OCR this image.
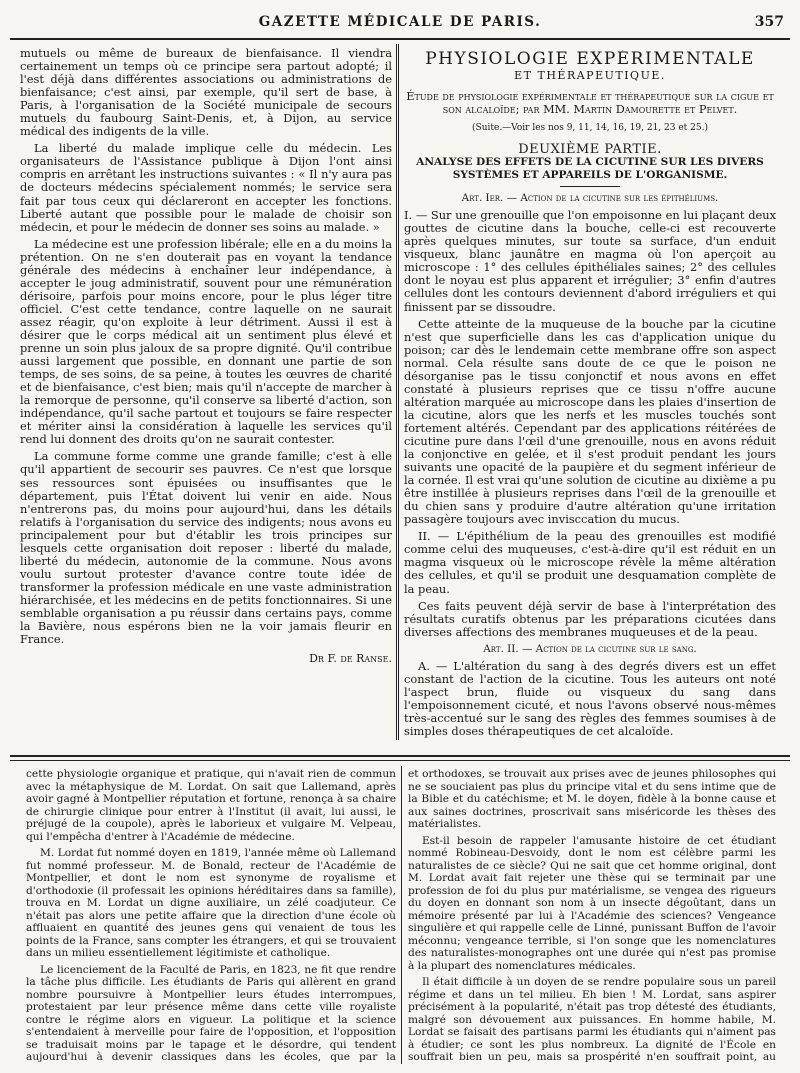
GAZETTE MÉDICALE DE PARIS.	357

mutuels ou même de bureaux de bienfaisance. Il viendra certainement un temps où ce principe sera partout adopté; il l'est déjà dans différentes associations ou administrations de bienfaisance; c'est ainsi, par exemple, qu'il sert de base, à Paris, à l'organisation de la Société municipale de secours mutuels du faubourg Saint-Denis, et, à Dijon, au service médical des indigents de la ville.

La liberté du malade implique celle du médecin. Les organisateurs de l'Assistance publique à Dijon l'ont ainsi compris en arrêtant les instructions suivantes : « Il n'y aura pas de docteurs médecins spécialement nommés; le service sera fait par tous ceux qui déclareront en accepter les fonctions. Liberté autant que possible pour le malade de choisir son médecin, et pour le médecin de donner ses soins au malade. »

La médecine est une profession libérale; elle en a du moins la prétention. On ne s'en douterait pas en voyant la tendance générale des médecins à enchaîner leur indépendance, à accepter le joug administratif, souvent pour une rémunération dérisoire, parfois pour moins encore, pour le plus léger titre officiel. C'est cette tendance, contre laquelle on ne saurait assez réagir, qu'on exploite à leur détriment. Aussi il est à désirer que le corps médical ait un sentiment plus élevé et prenne un soin plus jaloux de sa propre dignité. Qu'il contribue aussi largement que possible, en donnant une partie de son temps, de ses soins, de sa peine, à toutes les œuvres de charité et de bienfaisance, c'est bien; mais qu'il n'accepte de marcher à la remorque de personne, qu'il conserve sa liberté d'action, son indépendance, qu'il sache partout et toujours se faire respecter et mériter ainsi la considération à laquelle les services qu'il rend lui donnent des droits qu'on ne saurait contester.

La commune forme comme une grande famille; c'est à elle qu'il appartient de secourir ses pauvres. Ce n'est que lorsque ses ressources sont épuisées ou insuffisantes que le département, puis l'État doivent lui venir en aide. Nous n'entrerons pas, du moins pour aujourd'hui, dans les détails relatifs à l'organisation du service des indigents; nous avons eu principalement pour but d'établir les trois principes sur lesquels cette organisation doit reposer : liberté du malade, liberté du médecin, autonomie de la commune. Nous avons voulu surtout protester d'avance contre toute idée de transformer la profession médicale en une vaste administration hiérarchisée, et les médecins en de petits fonctionnaires. Si une semblable organisation a pu réussir dans certains pays, comme la Bavière, nous espérons bien ne la voir jamais fleurir en France.

Dr F. de Ranse.
PHYSIOLOGIE EXPÉRIMENTALE
ET THÉRAPEUTIQUE.
Étude de physiologie expérimentale et thérapeutique sur la cigue et son alcaloïde; par MM. Martin Damourette et Pelvet.
(Suite.—Voir les nos 9, 11, 14, 16, 19, 21, 23 et 25.)
DEUXIÈME PARTIE.
ANALYSE DES EFFETS DE LA CICUTINE SUR LES DIVERS SYSTÈMES ET APPAREILS DE L'ORGANISME.
Art. Ier. — Action de la cicutine sur les épithéliums.

I. — Sur une grenouille que l'on empoisonne en lui plaçant deux gouttes de cicutine dans la bouche, celle-ci est recouverte après quelques minutes, sur toute sa surface, d'un enduit visqueux, blanc jaunâtre en magma où l'on aperçoit au microscope : 1° des cellules épithéliales saines; 2° des cellules dont le noyau est plus apparent et irrégulier; 3° enfin d'autres cellules dont les contours deviennent d'abord irréguliers et qui finissent par se dissoudre.

Cette atteinte de la muqueuse de la bouche par la cicutine n'est que superficielle dans les cas d'application unique du poison; car dès le lendemain cette membrane offre son aspect normal. Cela résulte sans doute de ce que le poison ne désorganise pas le tissu conjonctif et nous avons en effet constaté à plusieurs reprises que ce tissu n'offre aucune altération marquée au microscope dans les plaies d'insertion de la cicutine, alors que les nerfs et les muscles touchés sont fortement altérés. Cependant par des applications réitérées de cicutine pure dans l'œil d'une grenouille, nous en avons réduit la conjonctive en gelée, et il s'est produit pendant les jours suivants une opacité de la paupière et du segment inférieur de la cornée. Il est vrai qu'une solution de cicutine au dixième a pu être instillée à plusieurs reprises dans l'œil de la grenouille et du chien sans y produire d'autre altération qu'une irritation passagère toujours avec invisccation du mucus.

II. — L'épithélium de la peau des grenouilles est modifié comme celui des muqueuses, c'est-à-dire qu'il est réduit en un magma visqueux où le microscope révèle la même altération des cellules, et qu'il se produit une desquamation complète de la peau.

Ces faits peuvent déjà servir de base à l'interprétation des résultats curatifs obtenus par les préparations cicutées dans diverses affections des membranes muqueuses et de la peau.

Art. II. — Action de la cicutine sur le sang.

A. — L'altération du sang à des degrés divers est un effet constant de l'action de la cicutine. Tous les auteurs ont noté l'aspect brun, fluide ou visqueux du sang dans l'empoisonnement cicuté, et nous l'avons observé nous-mêmes très-accentué sur le sang des règles des femmes soumises à de simples doses thérapeutiques de cet alcaloïde.

cette physiologie organique et pratique, qui n'avait rien de commun avec la métaphysique de M. Lordat. On sait que Lallemand, après avoir gagné à Montpellier réputation et fortune, renonça à sa chaire de chirurgie clinique pour entrer à l'Institut (il avait, lui aussi, le préjugé de la coupole), après le laborieux et vulgaire M. Velpeau, qui l'empêcha d'entrer à l'Académie de médecine.

M. Lordat fut nommé doyen en 1819, l'année même où Lallemand fut nommé professeur. M. de Bonald, recteur de l'Académie de Montpellier, et dont le nom est synonyme de royalisme et d'orthodoxie (il professait les opinions héréditaires dans sa famille), trouva en M. Lordat un digne auxiliaire, un zélé coadjuteur. Ce n'était pas alors une petite affaire que la direction d'une école où affluaient en quantité des jeunes gens qui venaient de tous les points de la France, sans compter les étrangers, et qui se trouvaient dans un milieu essentiellement légitimiste et catholique.

Le licenciement de la Faculté de Paris, en 1823, ne fit que rendre la tâche plus difficile. Les étudiants de Paris qui allèrent en grand nombre poursuivre à Montpellier leurs études interrompues, protestaient par leur présence même dans cette ville royaliste contre le régime alors en vigueur. La politique et la science s'entendaient à merveille pour faire de l'opposition, et l'opposition se traduisait moins par le tapage et le désordre, qui tendent aujourd'hui à devenir classiques dans les écoles, que par la

et orthodoxes, se trouvait aux prises avec de jeunes philosophes qui ne se souciaient pas plus du principe vital et du sens intime que de la Bible et du catéchisme; et M. le doyen, fidèle à la bonne cause et aux saines doctrines, proscrivait sans miséricorde les thèses des matérialistes.

Est-il besoin de rappeler l'amusante histoire de cet étudiant nommé Robineau-Desvoidy, dont le nom est célèbre parmi les naturalistes de ce siècle? Qui ne sait que cet homme original, dont M. Lordat avait fait rejeter une thèse qui se terminait par une profession de foi du plus pur matérialisme, se vengea des rigueurs du doyen en donnant son nom à un insecte dégoûtant, dans un mémoire présenté par lui à l'Académie des sciences? Vengeance singulière et qui rappelle celle de Linné, punissant Buffon de l'avoir méconnu; vengeance terrible, si l'on songe que les nomenclatures des naturalistes-monographes ont une durée qui n'est pas promise à la plupart des nomenclatures médicales.

Il était difficile à un doyen de se rendre populaire sous un pareil régime et dans un tel milieu. Eh bien ! M. Lordat, sans aspirer précisément à la popularité, n'était pas trop détesté des étudiants, malgré son dévouement aux puissances. En homme habile, M. Lordat se faisait des partisans parmi les étudiants qui n'aiment pas à étudier; ce sont les plus nombreux. La dignité de l'École en souffrait bien un peu, mais sa prospérité n'en souffrait point, au
